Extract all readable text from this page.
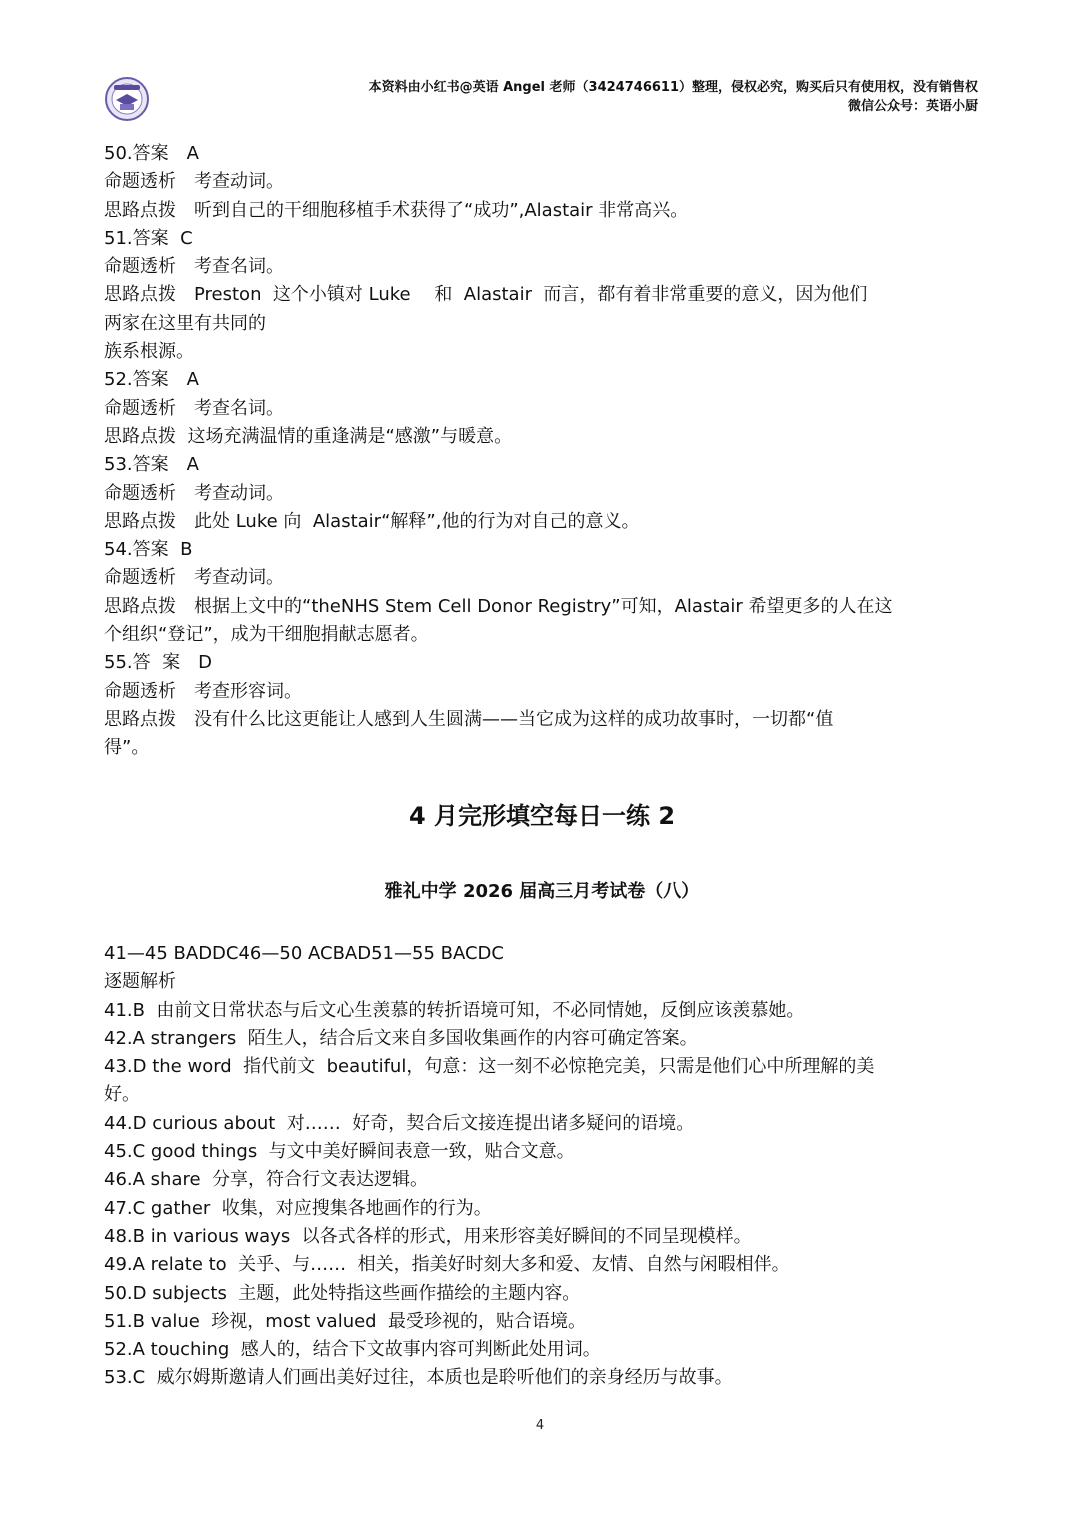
本资料由小红书@英语 Angel 老师（3424746611）整理，侵权必究，购买后只有使用权，没有销售权
微信公众号：英语小厨

50.答案　A

命题透析　考查动词。

思路点拨　听到自己的干细胞移植手术获得了“成功”,Alastair 非常高兴。

51.答案  C

命题透析　考查名词。

思路点拨　Preston  这个小镇对 Luke　 和  Alastair  而言，都有着非常重要的意义，因为他们

两家在这里有共同的

族系根源。

52.答案　A

命题透析　考查名词。

思路点拨  这场充满温情的重逢满是“感激”与暖意。

53.答案　A

命题透析　考查动词。

思路点拨　此处 Luke 向  Alastair“解释”,他的行为对自己的意义。

54.答案  B

命题透析　考查动词。

思路点拨　根据上文中的“theNHS Stem Cell Donor Registry”可知，Alastair 希望更多的人在这

个组织“登记”，成为干细胞捐献志愿者。

55.答  案　D

命题透析　考查形容词。

思路点拨　没有什么比这更能让人感到人生圆满——当它成为这样的成功故事时，一切都“值

得”。

4 月完形填空每日一练 2
雅礼中学 2026 届高三月考试卷（八）

41—45 BADDC46—50 ACBAD51—55 BACDC

逐题解析

41.B  由前文日常状态与后文心生羡慕的转折语境可知，不必同情她，反倒应该羡慕她。

42.A strangers  陌生人，结合后文来自多国收集画作的内容可确定答案。

43.D the word  指代前文  beautiful，句意：这一刻不必惊艳完美，只需是他们心中所理解的美

好。

44.D curious about  对……  好奇，契合后文接连提出诸多疑问的语境。

45.C good things  与文中美好瞬间表意一致，贴合文意。

46.A share  分享，符合行文表达逻辑。

47.C gather  收集，对应搜集各地画作的行为。

48.B in various ways  以各式各样的形式，用来形容美好瞬间的不同呈现模样。

49.A relate to  关乎、与……  相关，指美好时刻大多和爱、友情、自然与闲暇相伴。

50.D subjects  主题，此处特指这些画作描绘的主题内容。

51.B value  珍视，most valued  最受珍视的，贴合语境。

52.A touching  感人的，结合下文故事内容可判断此处用词。

53.C  威尔姆斯邀请人们画出美好过往，本质也是聆听他们的亲身经历与故事。

4
